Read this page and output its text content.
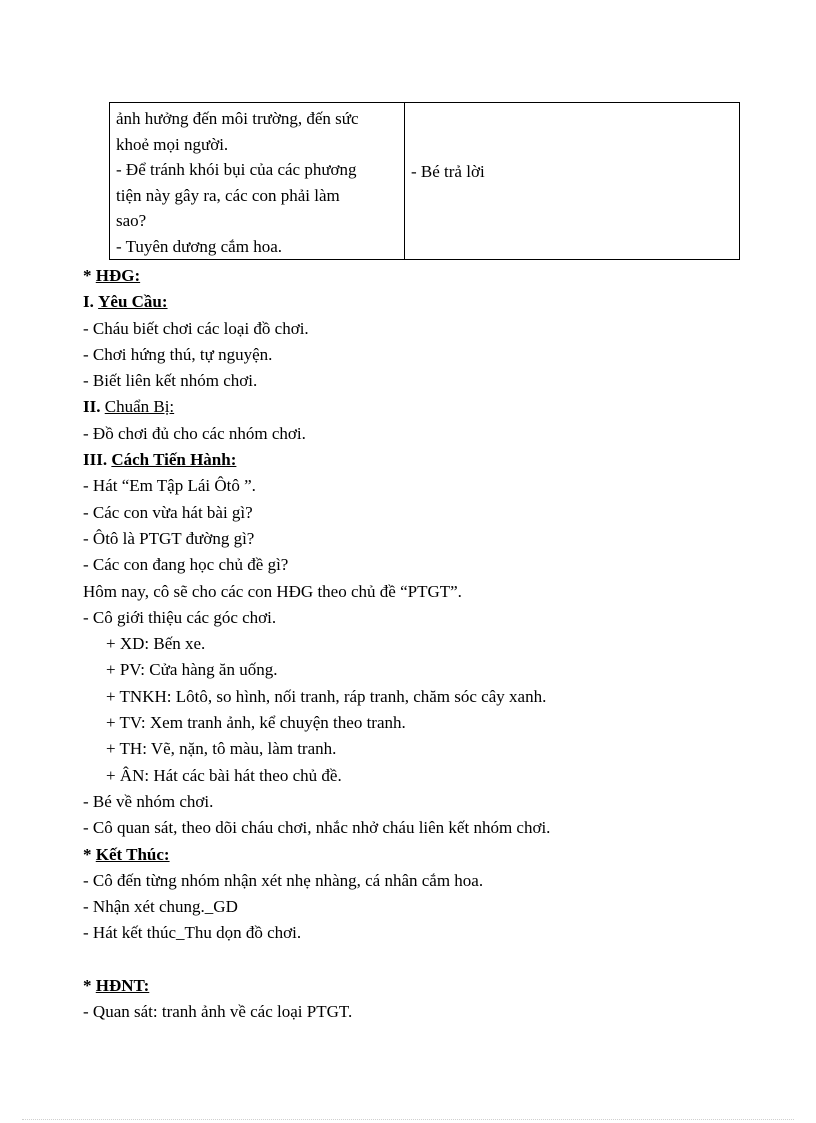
ảnh hưởng đến môi trường, đến sức
khoẻ mọi người.
- Để tránh khói bụi của các phương
tiện này gây ra, các con phải làm
sao?
- Tuyên dương cắm hoa.
	- Bé trả lời
* HĐG:
I. Yêu Cầu:
- Cháu biết chơi các loại đồ chơi.
- Chơi hứng thú, tự nguyện.
- Biết liên kết nhóm chơi.
II. Chuẩn Bị:
- Đồ chơi đủ cho các nhóm chơi.
III. Cách Tiến Hành:
- Hát “Em Tập Lái Ôtô ”.
- Các con vừa hát bài gì?
- Ôtô là PTGT đường gì?
- Các con đang học chủ đề gì?
Hôm nay, cô sẽ cho các con HĐG theo chủ đề “PTGT”.
- Cô giới thiệu các góc chơi.
+ XD: Bến xe.
+ PV: Cửa hàng ăn uống.
+ TNKH: Lôtô, so hình, nối tranh, ráp tranh, chăm sóc cây xanh.
+ TV: Xem tranh ảnh, kể chuyện theo tranh.
+ TH: Vẽ, nặn, tô màu, làm tranh.
+ ÂN: Hát các bài hát theo chủ đề.
- Bé về nhóm chơi.
- Cô quan sát, theo dõi cháu chơi, nhắc nhở cháu liên kết nhóm chơi.
* Kết Thúc:
- Cô đến từng nhóm nhận xét nhẹ nhàng, cá nhân cắm hoa.
- Nhận xét chung._GD
- Hát kết thúc_Thu dọn đồ chơi.
* HĐNT:
- Quan sát: tranh ảnh về các loại PTGT.
